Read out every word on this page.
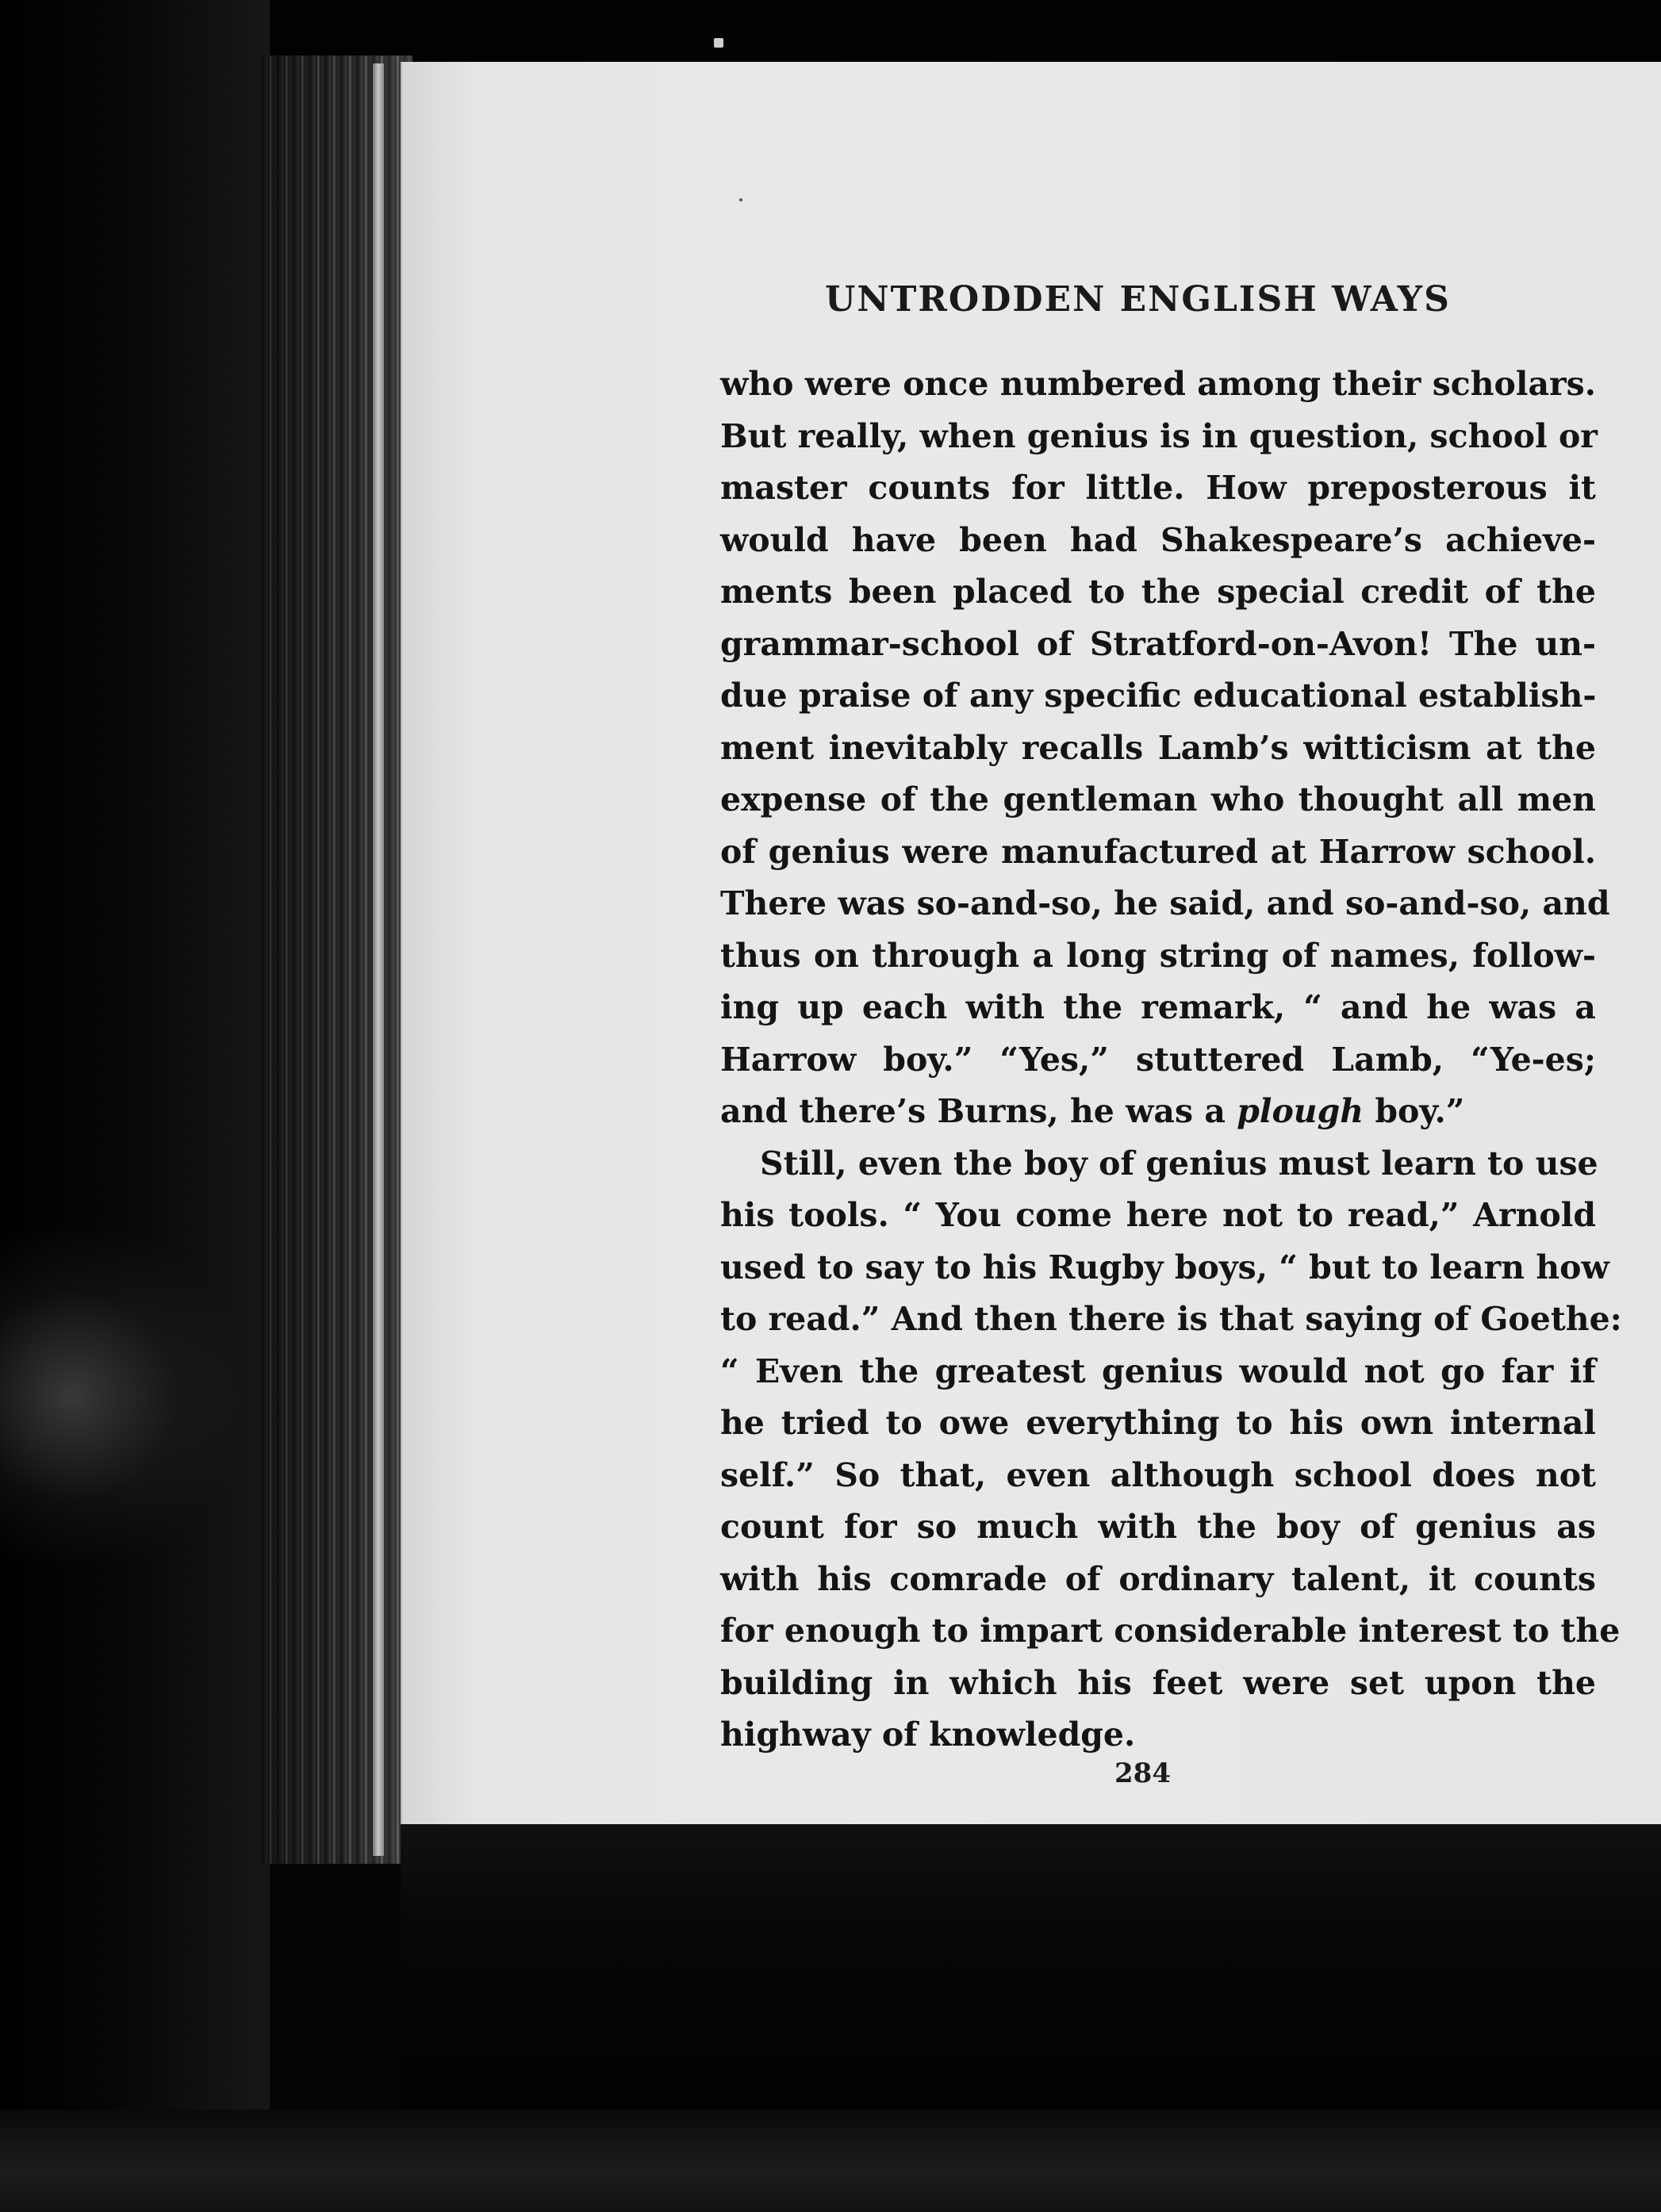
UNTRODDEN ENGLISH WAYS
who were once numbered among their scholars.
But really, when genius is in question, school or
master counts for little. How preposterous it
would have been had Shakespeare’s achieve-
ments been placed to the special credit of the
grammar-school of Stratford-on-Avon! The un-
due praise of any specific educational establish-
ment inevitably recalls Lamb’s witticism at the
expense of the gentleman who thought all men
of genius were manufactured at Harrow school.
There was so-and-so, he said, and so-and-so, and
thus on through a long string of names, follow-
ing up each with the remark, “ and he was a
Harrow boy.” “Yes,” stuttered Lamb, “Ye-es;
and there’s Burns, he was a plough boy.”
Still, even the boy of genius must learn to use
his tools. “ You come here not to read,” Arnold
used to say to his Rugby boys, “ but to learn how
to read.” And then there is that saying of Goethe:
“ Even the greatest genius would not go far if
he tried to owe everything to his own internal
self.” So that, even although school does not
count for so much with the boy of genius as
with his comrade of ordinary talent, it counts
for enough to impart considerable interest to the
building in which his feet were set upon the
highway of knowledge.

284
